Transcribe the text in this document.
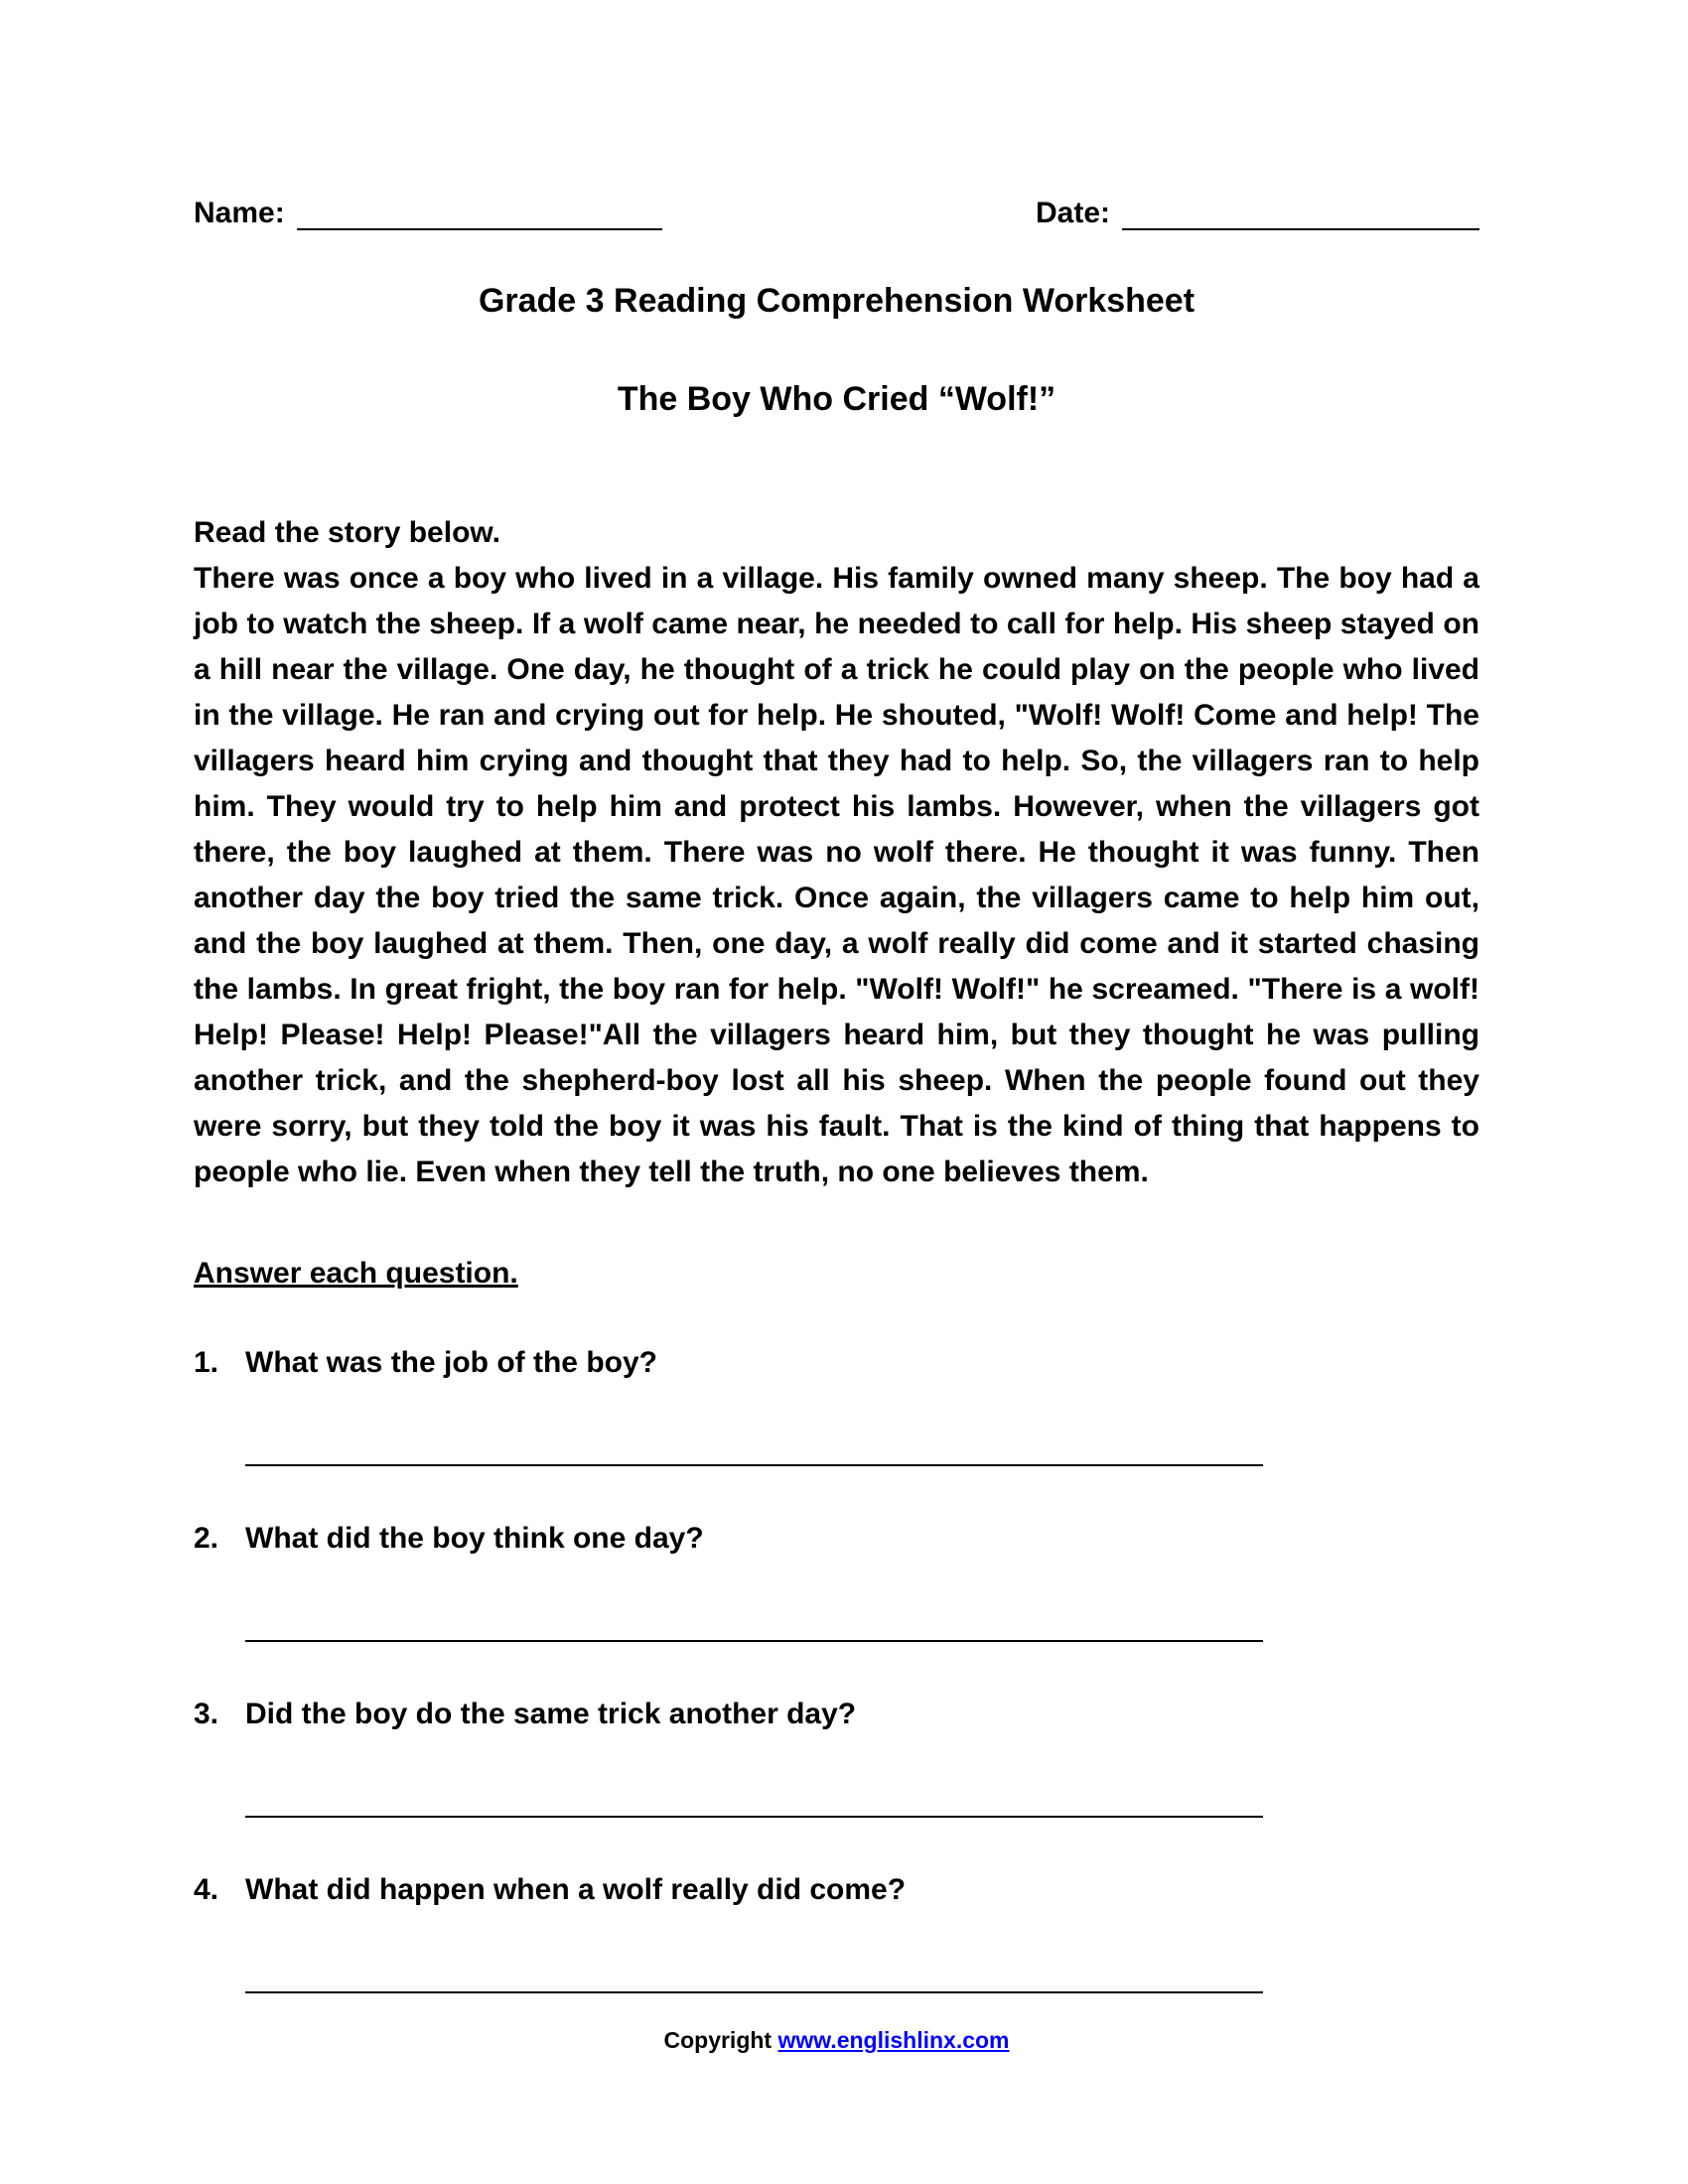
Name:	Date:
Grade 3 Reading Comprehension Worksheet
The Boy Who Cried “Wolf!”
Read the story below.

There was once a boy who lived in a village. His family owned many sheep. The boy had a job to watch the sheep. If a wolf came near, he needed to call for help. His sheep stayed on a hill near the village. One day, he thought of a trick he could play on the people who lived in the village. He ran and crying out for help. He shouted, "Wolf! Wolf! Come and help! The villagers heard him crying and thought that they had to help. So, the villagers ran to help him. They would try to help him and protect his lambs. However, when the villagers got there, the boy laughed at them. There was no wolf there. He thought it was funny. Then another day the boy tried the same trick. Once again, the villagers came to help him out, and the boy laughed at them. Then, one day, a wolf really did come and it started chasing the lambs. In great fright, the boy ran for help. "Wolf! Wolf!" he screamed. "There is a wolf! Help! Please! Help! Please!"All the villagers heard him, but they thought he was pulling another trick, and the shepherd-boy lost all his sheep. When the people found out they were sorry, but they told the boy it was his fault. That is the kind of thing that happens to people who lie. Even when they tell the truth, no one believes them.

Answer each question.
1. What was the job of the boy?
2. What did the boy think one day?
3. Did the boy do the same trick another day?
4. What did happen when a wolf really did come?
Copyright www.englishlinx.com
